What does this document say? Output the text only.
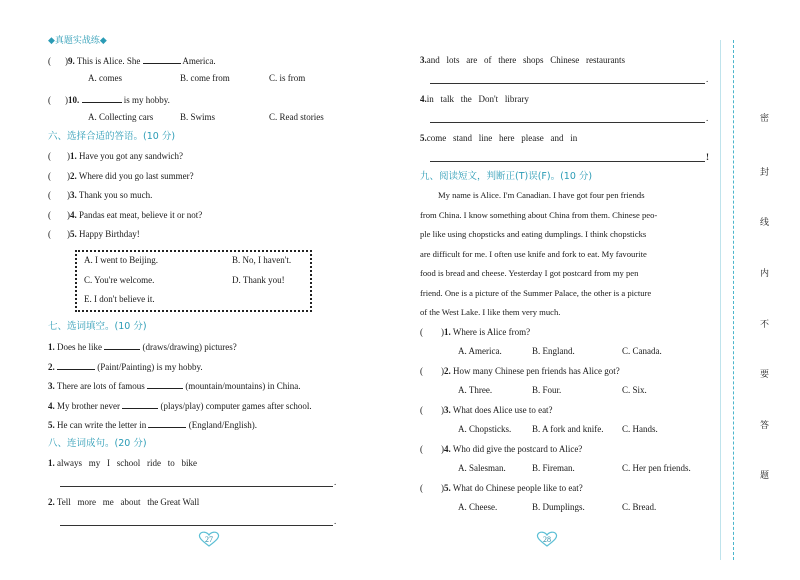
◆真题实战练◆
( )9. This is Alice. She	America.
A. comes	B. come from	C. is from
( )10.	is my hobby.
A. Collecting cars	B. Swims	C. Read stories
六、选择合适的答语。(10 分)
( )1. Have you got any sandwich?
( )2. Where did you go last summer?
( )3. Thank you so much.
( )4. Pandas eat meat, believe it or not?
( )5. Happy Birthday!
A. I went to Beijing.	B. No, I haven't.
C. You're welcome.	D. Thank you!
E. I don't believe it.
七、选词填空。(10 分)
1. Does he like	(draws/drawing) pictures?
2.	(Paint/Painting) is my hobby.
3. There are lots of famous	(mountain/mountains) in China.
4. My brother never	(plays/play) computer games after school.
5. He can write the letter in	(England/English).
八、连词成句。(20 分)
1. always   my   I   school   ride   to   bike
.
2. Tell   more   me   about   the Great Wall
.
27
3.and   lots   are   of   there   shops   Chinese   restaurants
.
4.in   talk   the   Don't   library
.
5.come   stand   line   here   please   and   in
!
九、阅读短文，判断正(T)误(F)。(10 分)
My name is Alice. I'm Canadian. I have got four pen friends
from China. I know something about China from them. Chinese peo-
ple like using chopsticks and eating dumplings. I think chopsticks
are difficult for me. I often use knife and fork to eat. My favourite
food is bread and cheese. Yesterday I got postcard from my pen
friend. One is a picture of the Summer Palace, the other is a picture
of the West Lake. I like them very much.
( )1. Where is Alice from?
A. America.	B. England.	C. Canada.
( )2. How many Chinese pen friends has Alice got?
A. Three.	B. Four.	C. Six.
( )3. What does Alice use to eat?
A. Chopsticks. B. A fork and knife. C. Hands.
( )4. Who did give the postcard to Alice?
A. Salesman.	B. Fireman.	C. Her pen friends.
( )5. What do Chinese people like to eat?
A. Cheese.	B. Dumplings.	C. Bread.
28
密
封
线
内
不
要
答
题
